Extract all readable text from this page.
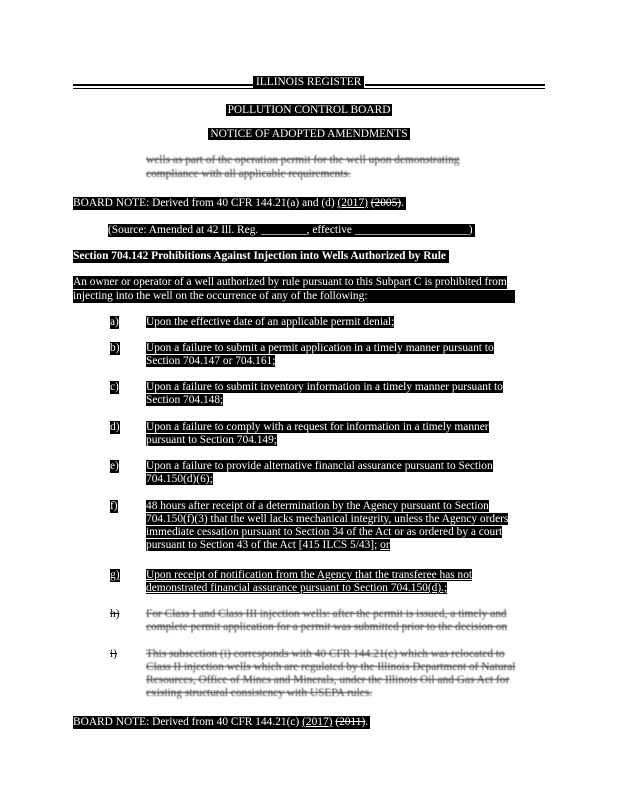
ILLINOIS REGISTER
POLLUTION CONTROL BOARD
NOTICE OF ADOPTED AMENDMENTS
wells as part of the operation permit for the well upon demonstrating
compliance with all applicable requirements.
BOARD NOTE: Derived from 40 CFR 144.21(a) and (d) (2017) (2005).
(Source: Amended at 42 Ill. Reg. ________, effective ____________________)
Section 704.142 Prohibitions Against Injection into Wells Authorized by Rule
An owner or operator of a well authorized by rule pursuant to this Subpart C is prohibited from
injecting into the well on the occurrence of any of the following:
a) Upon the effective date of an applicable permit denial;
b) Upon a failure to submit a permit application in a timely manner pursuant to
Section 704.147 or 704.161;
c) Upon a failure to submit inventory information in a timely manner pursuant to
Section 704.148;
d) Upon a failure to comply with a request for information in a timely manner
pursuant to Section 704.149;
e) Upon a failure to provide alternative financial assurance pursuant to Section
704.150(d)(6);
f) 48 hours after receipt of a determination by the Agency pursuant to Section
704.150(f)(3) that the well lacks mechanical integrity, unless the Agency orders
immediate cessation pursuant to Section 34 of the Act or as ordered by a court
pursuant to Section 43 of the Act [415 ILCS 5/43]; or
g) Upon receipt of notification from the Agency that the transferee has not
demonstrated financial assurance pursuant to Section 704.150(d).;
h) For Class I and Class III injection wells: after the permit is issued, a timely and
complete permit application for a permit was submitted prior to the decision on
i)	This subsection (i) corresponds with 40 CFR 144.21(c) which was relocated to
Class II injection wells which are regulated by the Illinois Department of Natural
Resources, Office of Mines and Minerals, under the Illinois Oil and Gas Act for
existing structural consistency with USEPA rules.
BOARD NOTE: Derived from 40 CFR 144.21(c) (2017) (2011).
